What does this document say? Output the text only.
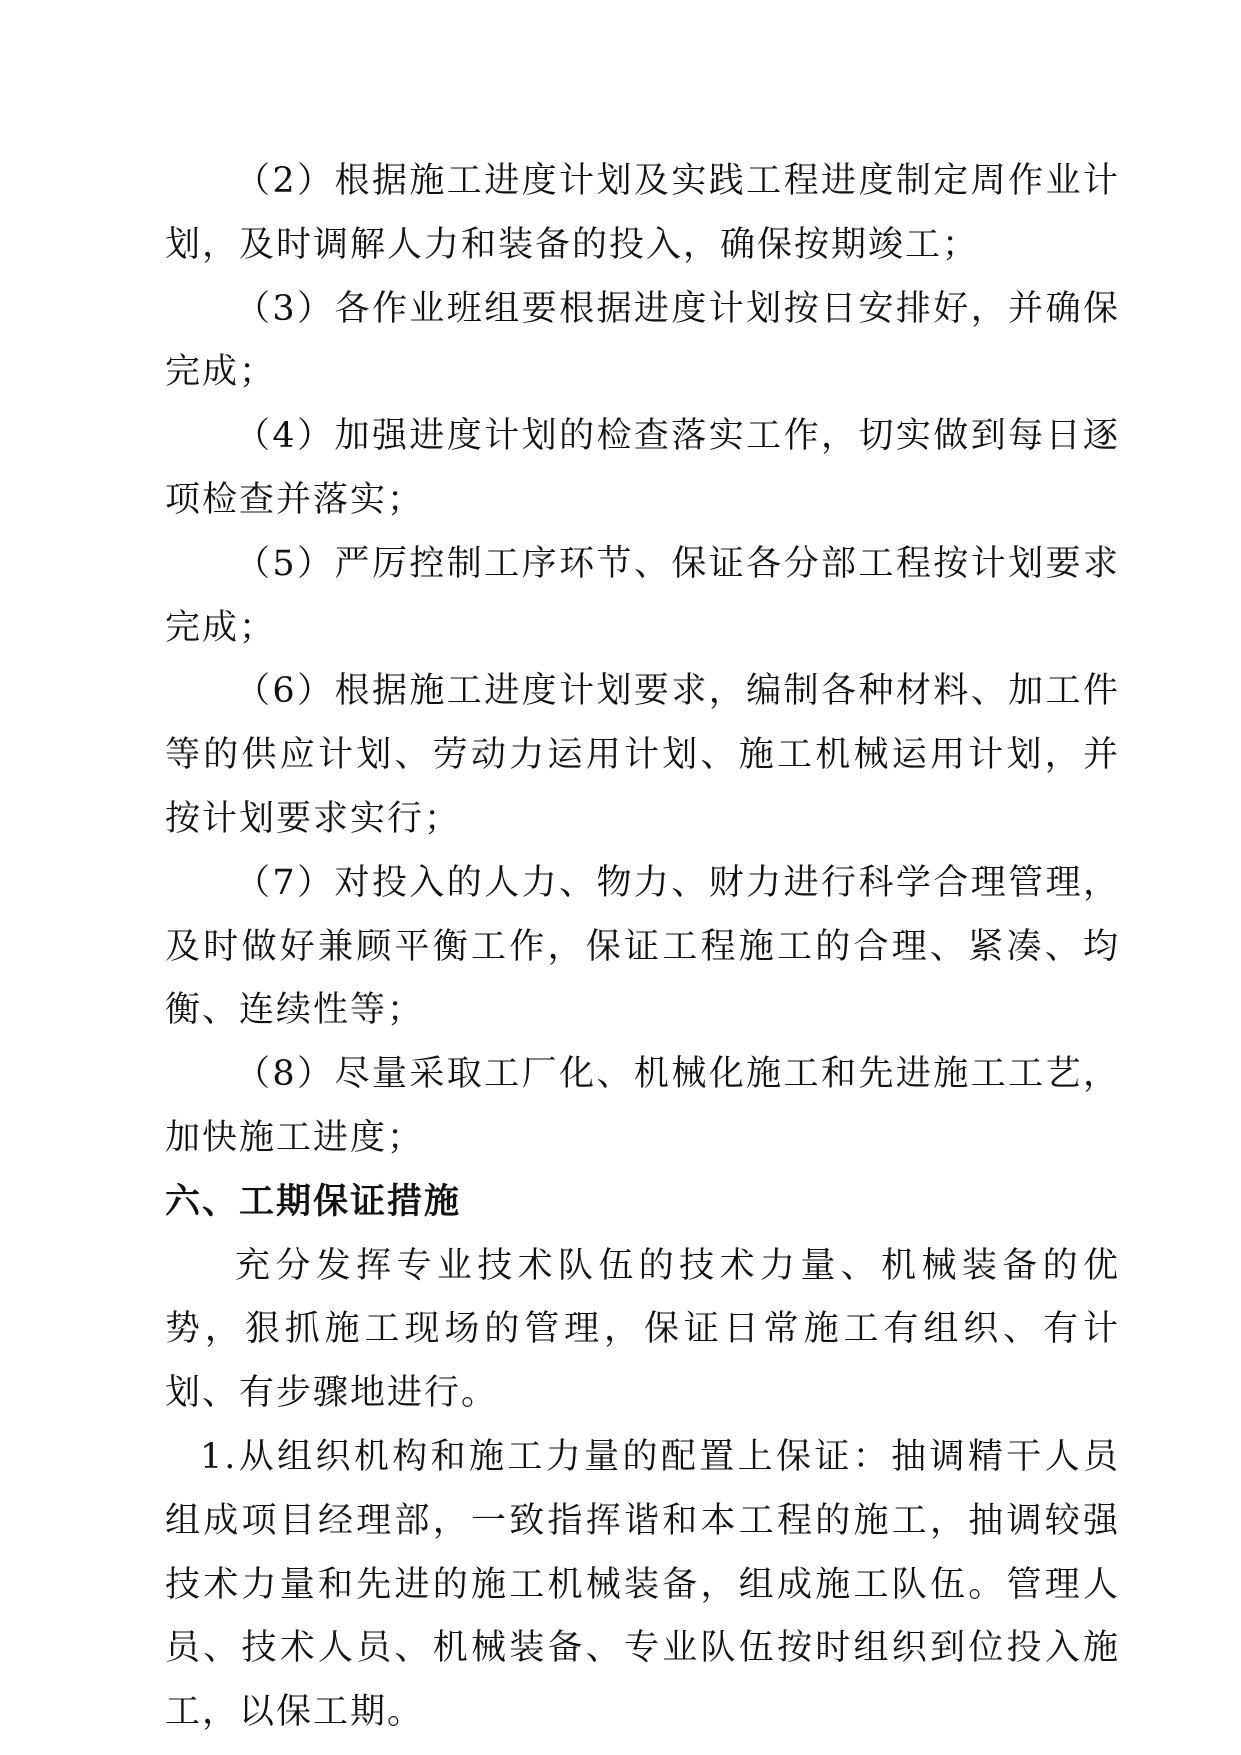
（2）根据施工进度计划及实践工程进度制定周作业计划，及时调解人力和装备的投入，确保按期竣工；

（3）各作业班组要根据进度计划按日安排好，并确保完成；

（4）加强进度计划的检查落实工作，切实做到每日逐项检查并落实；

（5）严厉控制工序环节、保证各分部工程按计划要求完成；

（6）根据施工进度计划要求，编制各种材料、加工件等的供应计划、劳动力运用计划、施工机械运用计划，并按计划要求实行；

（7）对投入的人力、物力、财力进行科学合理管理，及时做好兼顾平衡工作，保证工程施工的合理、紧凑、均衡、连续性等；

（8）尽量采取工厂化、机械化施工和先进施工工艺，加快施工进度；

六、工期保证措施

充分发挥专业技术队伍的技术力量、机械装备的优势，狠抓施工现场的管理，保证日常施工有组织、有计划、有步骤地进行。

1.从组织机构和施工力量的配置上保证：抽调精干人员组成项目经理部，一致指挥谐和本工程的施工，抽调较强技术力量和先进的施工机械装备，组成施工队伍。管理人员、技术人员、机械装备、专业队伍按时组织到位投入施工，以保工期。
